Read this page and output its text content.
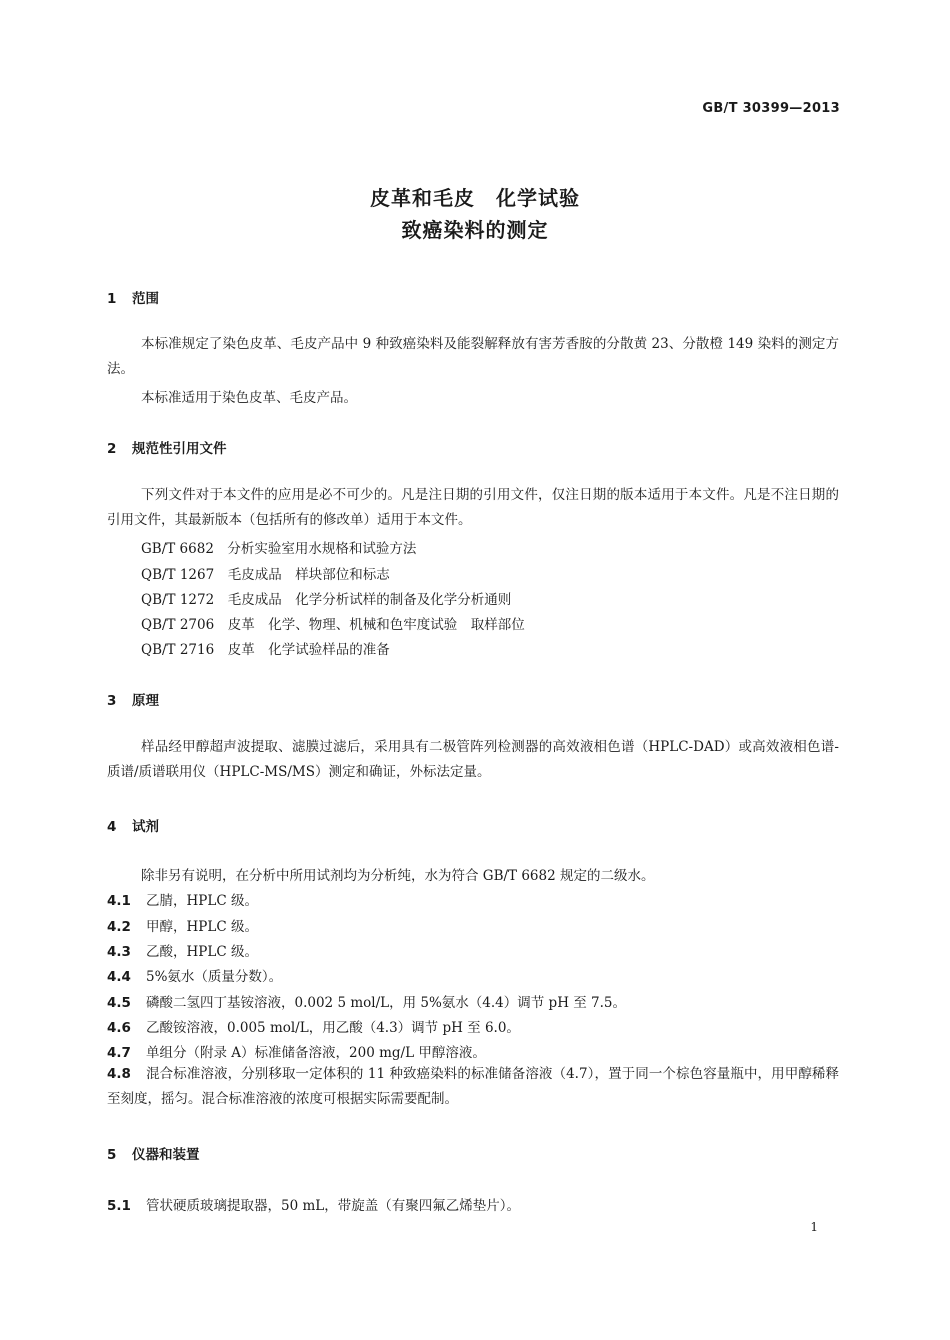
GB/T 30399—2013
皮革和毛皮　化学试验
致癌染料的测定
1 范围
本标准规定了染色皮革、毛皮产品中 9 种致癌染料及能裂解释放有害芳香胺的分散黄 23、分散橙 149 染料的测定方法。
本标准适用于染色皮革、毛皮产品。
2 规范性引用文件
下列文件对于本文件的应用是必不可少的。凡是注日期的引用文件，仅注日期的版本适用于本文件。凡是不注日期的引用文件，其最新版本（包括所有的修改单）适用于本文件。
GB/T 6682　分析实验室用水规格和试验方法
QB/T 1267　毛皮成品　样块部位和标志
QB/T 1272　毛皮成品　化学分析试样的制备及化学分析通则
QB/T 2706　皮革　化学、物理、机械和色牢度试验　取样部位
QB/T 2716　皮革　化学试验样品的准备
3 原理
样品经甲醇超声波提取、滤膜过滤后，采用具有二极管阵列检测器的高效液相色谱（HPLC-DAD）或高效液相色谱-质谱/质谱联用仪（HPLC-MS/MS）测定和确证，外标法定量。
4 试剂
除非另有说明，在分析中所用试剂均为分析纯，水为符合 GB/T 6682 规定的二级水。
4.1 乙腈，HPLC 级。
4.2 甲醇，HPLC 级。
4.3 乙酸，HPLC 级。
4.4 5%氨水（质量分数）。
4.5 磷酸二氢四丁基铵溶液，0.002 5 mol/L，用 5%氨水（4.4）调节 pH 至 7.5。
4.6 乙酸铵溶液，0.005 mol/L，用乙酸（4.3）调节 pH 至 6.0。
4.7 单组分（附录 A）标准储备溶液，200 mg/L 甲醇溶液。
4.8 混合标准溶液，分别移取一定体积的 11 种致癌染料的标准储备溶液（4.7），置于同一个棕色容量瓶中，用甲醇稀释至刻度，摇匀。混合标准溶液的浓度可根据实际需要配制。
5 仪器和装置
5.1 管状硬质玻璃提取器，50 mL，带旋盖（有聚四氟乙烯垫片）。
1
